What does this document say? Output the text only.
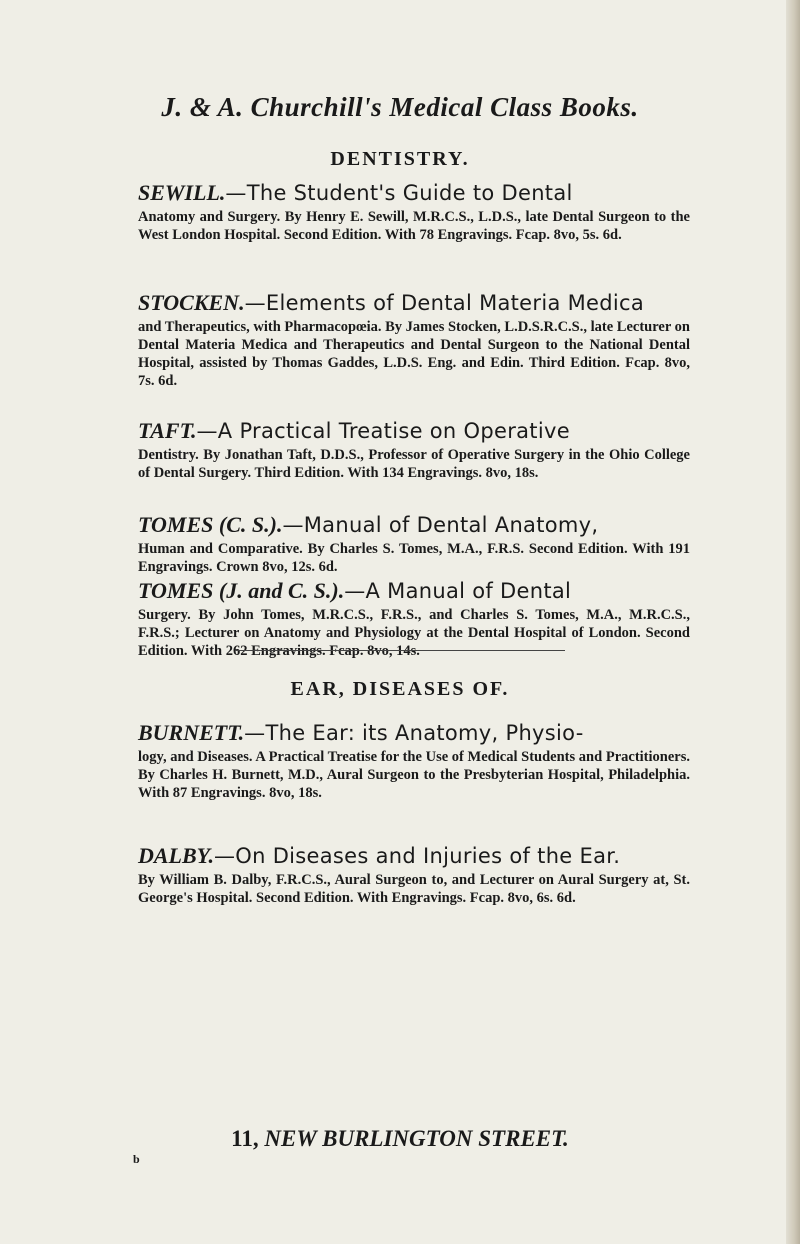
J. & A. Churchill's Medical Class Books.
DENTISTRY.

SEWILL.—The Student's Guide to Dental

Anatomy and Surgery. By Henry E. Sewill, M.R.C.S., L.D.S., late Dental Surgeon to the West London Hospital. Second Edition. With 78 Engravings. Fcap. 8vo, 5s. 6d.

STOCKEN.—Elements of Dental Materia Medica

and Therapeutics, with Pharmacopœia. By James Stocken, L.D.S.R.C.S., late Lecturer on Dental Materia Medica and Therapeutics and Dental Surgeon to the National Dental Hospital, assisted by Thomas Gaddes, L.D.S. Eng. and Edin. Third Edition. Fcap. 8vo, 7s. 6d.

TAFT.—A Practical Treatise on Operative

Dentistry. By Jonathan Taft, D.D.S., Professor of Operative Surgery in the Ohio College of Dental Surgery. Third Edition. With 134 Engravings. 8vo, 18s.

TOMES (C. S.).—Manual of Dental Anatomy,

Human and Comparative. By Charles S. Tomes, M.A., F.R.S. Second Edition. With 191 Engravings. Crown 8vo, 12s. 6d.

TOMES (J. and C. S.).—A Manual of Dental

Surgery. By John Tomes, M.R.C.S., F.R.S., and Charles S. Tomes, M.A., M.R.C.S., F.R.S.; Lecturer on Anatomy and Physiology at the Dental Hospital of London. Second Edition. With 262 Engravings. Fcap. 8vo, 14s.

EAR, DISEASES OF.

BURNETT.—The Ear: its Anatomy, Physio-

logy, and Diseases. A Practical Treatise for the Use of Medical Students and Practitioners. By Charles H. Burnett, M.D., Aural Surgeon to the Presbyterian Hospital, Philadelphia. With 87 Engravings. 8vo, 18s.

DALBY.—On Diseases and Injuries of the Ear.

By William B. Dalby, F.R.C.S., Aural Surgeon to, and Lecturer on Aural Surgery at, St. George's Hospital. Second Edition. With Engravings. Fcap. 8vo, 6s. 6d.

11, NEW BURLINGTON STREET.
b
